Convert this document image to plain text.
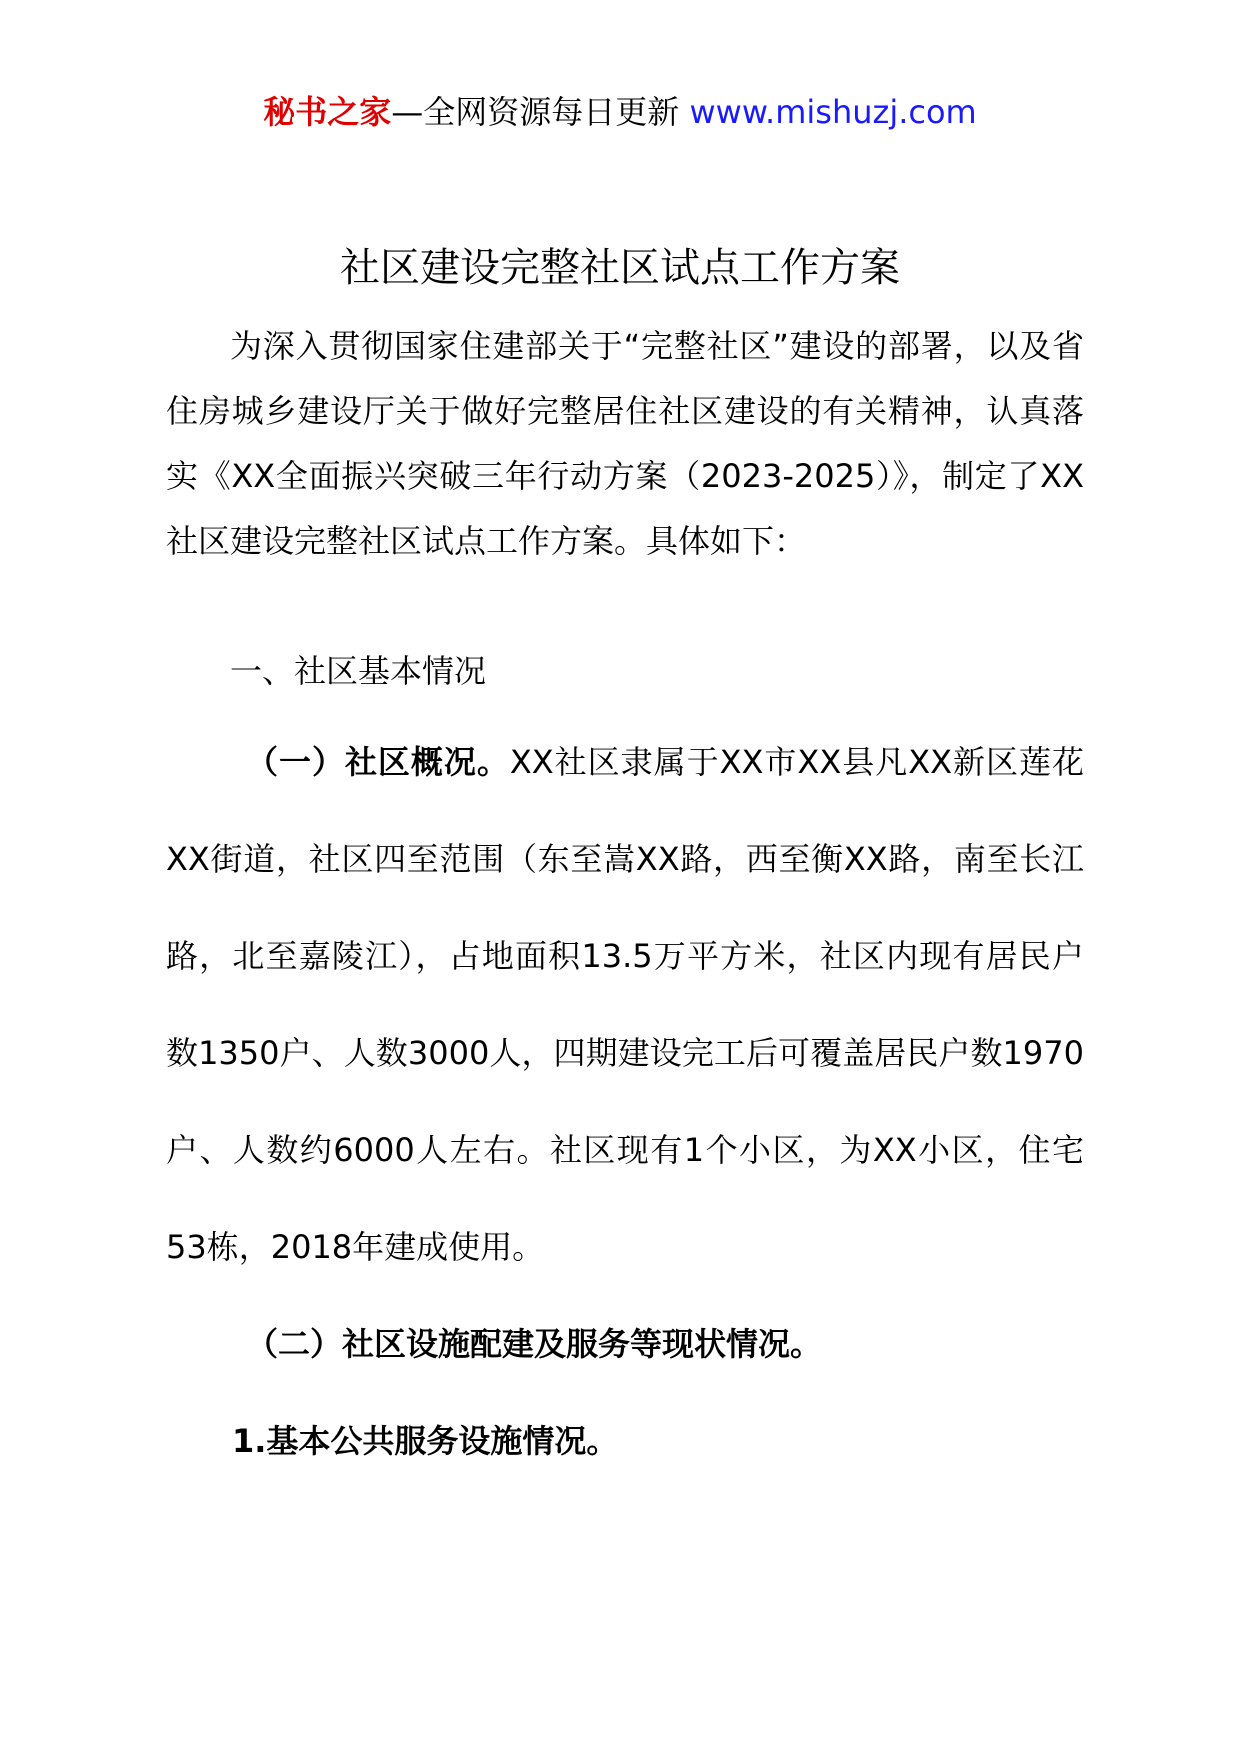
秘书之家—全网资源每日更新 www.mishuzj.com
社区建设完整社区试点工作方案

为深入贯彻国家住建部关于“完整社区”建设的部署，以及省住房城乡建设厅关于做好完整居住社区建设的有关精神，认真落实《XX全面振兴突破三年行动方案（2023-2025）》，制定了XX社区建设完整社区试点工作方案。具体如下：

一、社区基本情况

（一）社区概况。XX社区隶属于XX市XX县凡XX新区莲花XX街道，社区四至范围（东至嵩XX路，西至衡XX路，南至长江路，北至嘉陵江），占地面积13.5万平方米，社区内现有居民户数1350户、人数3000人，四期建设完工后可覆盖居民户数1970户、人数约6000人左右。社区现有1个小区，为XX小区，住宅53栋，2018年建成使用。

（二）社区设施配建及服务等现状情况。
1.基本公共服务设施情况。
